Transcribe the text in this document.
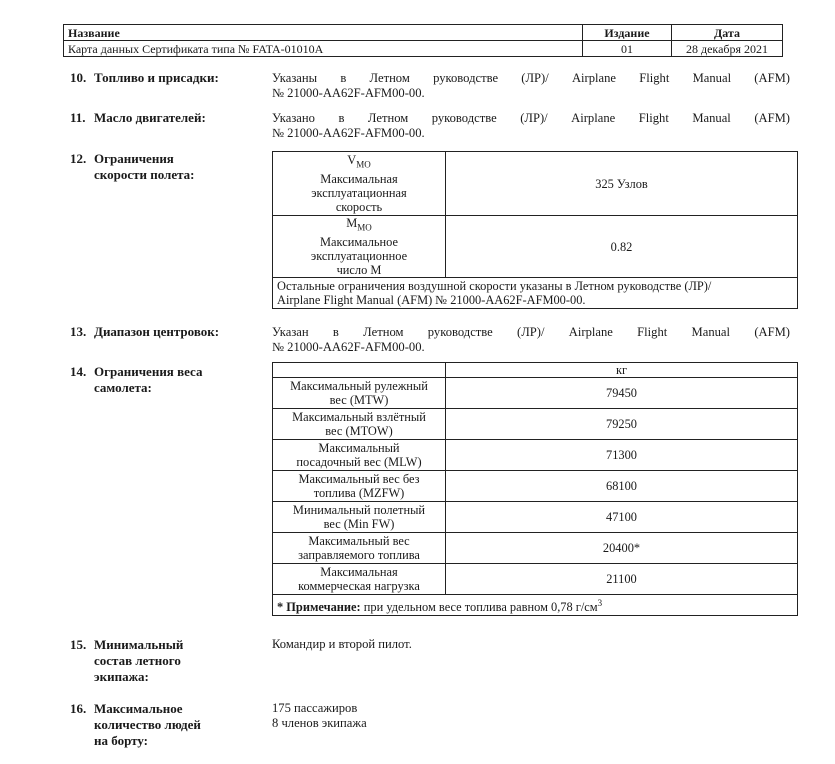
Название	Издание	Дата
Карта данных Сертификата типа № FATA-01010A	01	28 декабря 2021
10. Топливо и присадки:	Указаны в Летном руководстве (ЛР)/ Airplane Flight Manual (AFM)
№ 21000-AA62F-AFM00-00.
11. Масло двигателей:	Указано в Летном руководстве (ЛР)/ Airplane Flight Manual (AFM)
№ 21000-AA62F-AFM00-00.
12. Ограничения
скорости полета:
$V_{MO}$
Максимальная
эксплуатационная
скорость	325 Узлов

$M_{MO}$
Максимальное
эксплуатационное
число М	0.82

Остальные ограничения воздушной скорости указаны в Летном руководстве (ЛР)/
Airplane Flight Manual (AFM) № 21000-AA62F-AFM00-00.	
13. Диапазон центровок:	Указан в Летном руководстве (ЛР)/ Airplane Flight Manual (AFM)
№ 21000-AA62F-AFM00-00.
14. Ограничения веса
самолета:
	кг

Максимальный рулежный
вес (MTW)	79450

Максимальный взлётный
вес (MTOW)	79250

Максимальный
посадочный вес (MLW)	71300

Максимальный вес без
топлива (MZFW)	68100

Минимальный полетный
вес (Min FW)	47100

Максимальный вес
заправляемого топлива	20400*

Максимальная
коммерческая нагрузка	21100
* Примечание: при удельном весе топлива равном 0,78 $г/см^3$
15. Минимальный
состав летного
экипажа:
Командир и второй пилот.
16. Максимальное
количество людей
на борту:
175 пассажиров
8 членов экипажа
